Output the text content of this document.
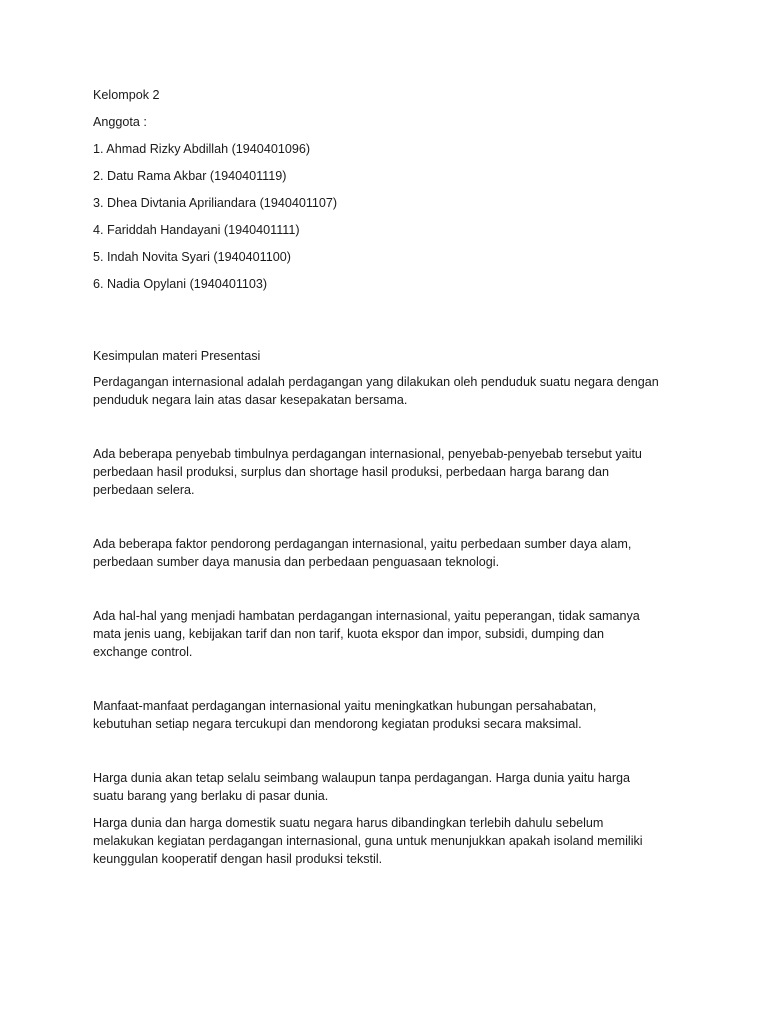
Kelompok 2

Anggota :

1. Ahmad Rizky Abdillah (1940401096)

2. Datu Rama Akbar (1940401119)

3. Dhea Divtania Apriliandara (1940401107)

4. Fariddah Handayani (1940401111)

5. Indah Novita Syari (1940401100)

6. Nadia Opylani (1940401103)

Kesimpulan materi Presentasi

Perdagangan internasional adalah perdagangan yang dilakukan oleh penduduk suatu negara dengan

penduduk negara lain atas dasar kesepakatan bersama.

Ada beberapa penyebab timbulnya perdagangan internasional, penyebab-penyebab tersebut yaitu

perbedaan hasil produksi, surplus dan shortage hasil produksi, perbedaan harga barang dan

perbedaan selera.

Ada beberapa faktor pendorong perdagangan internasional, yaitu perbedaan sumber daya alam,

perbedaan sumber daya manusia dan perbedaan penguasaan teknologi.

Ada hal-hal yang menjadi hambatan perdagangan internasional, yaitu peperangan, tidak samanya

mata jenis uang, kebijakan tarif dan non tarif, kuota ekspor dan impor, subsidi, dumping dan

exchange control.

Manfaat-manfaat perdagangan internasional yaitu meningkatkan hubungan persahabatan,

kebutuhan setiap negara tercukupi dan mendorong kegiatan produksi secara maksimal.

Harga dunia akan tetap selalu seimbang walaupun tanpa perdagangan. Harga dunia yaitu harga

suatu barang yang berlaku di pasar dunia.

Harga dunia dan harga domestik suatu negara harus dibandingkan terlebih dahulu sebelum

melakukan kegiatan perdagangan internasional, guna untuk menunjukkan apakah isoland memiliki

keunggulan kooperatif dengan hasil produksi tekstil.
